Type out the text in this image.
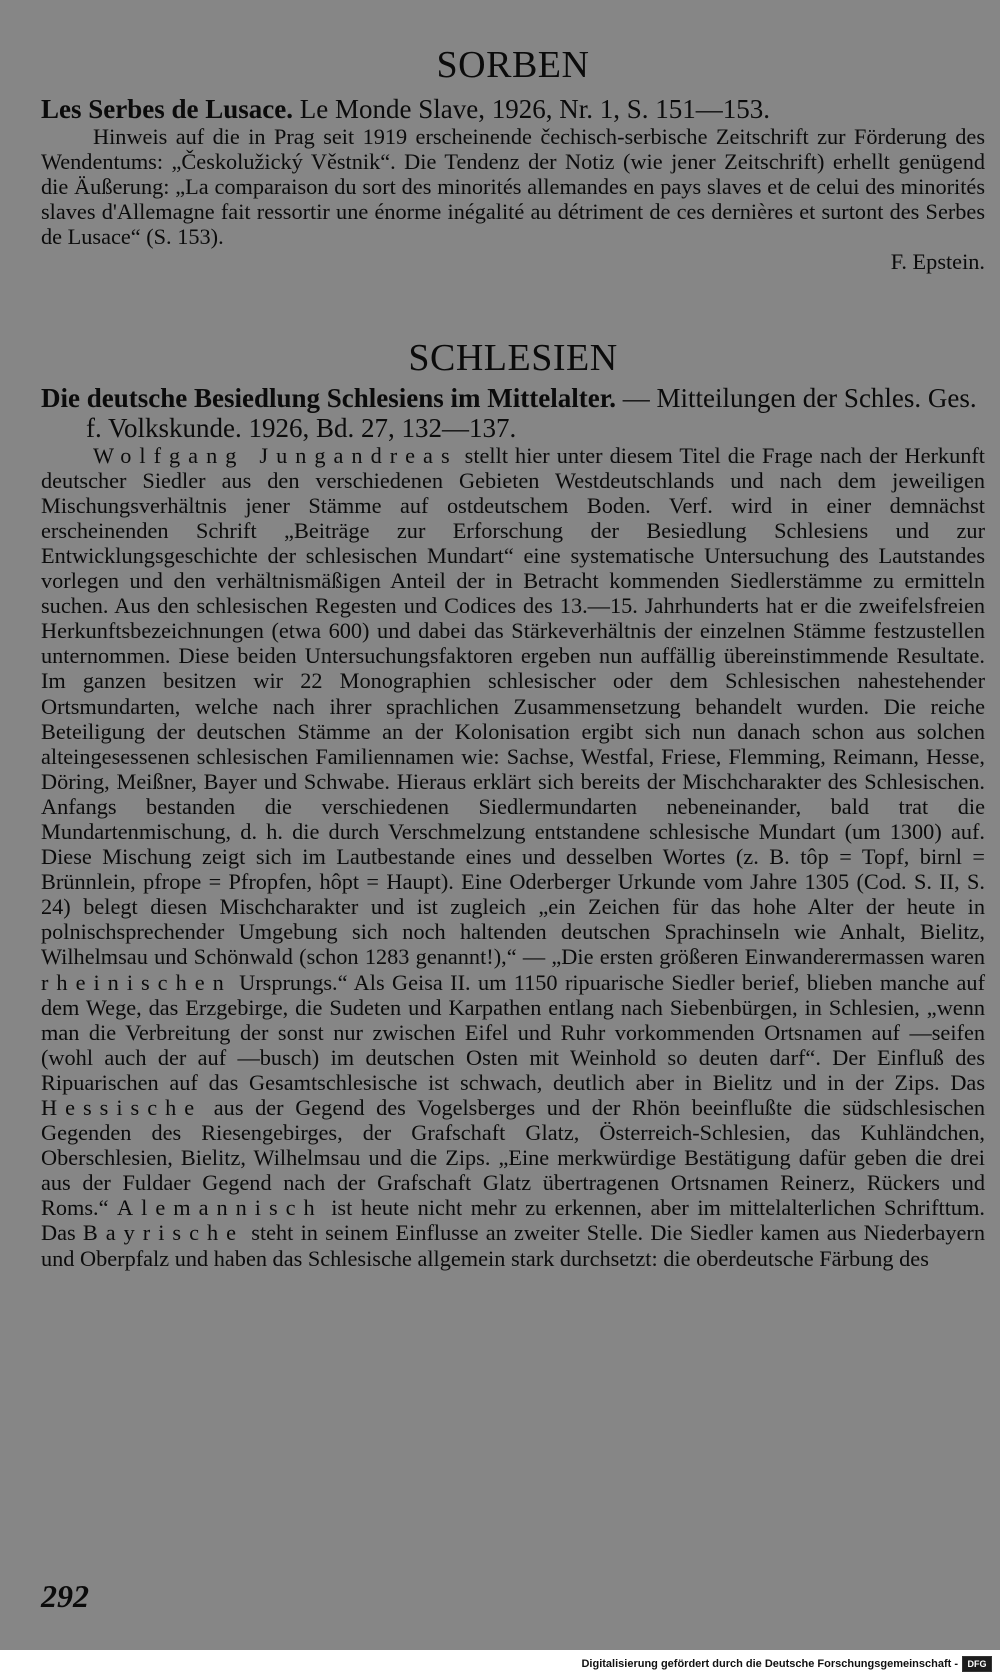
SORBEN

Les Serbes de Lusace. Le Monde Slave, 1926, Nr. 1, S. 151—153.

Hinweis auf die in Prag seit 1919 erscheinende čechisch-serbische Zeitschrift zur Förderung des Wendentums: „Českolužický Věstnik“. Die Tendenz der Notiz (wie jener Zeitschrift) erhellt genügend die Äußerung: „La comparaison du sort des minorités allemandes en pays slaves et de celui des minorités slaves d'Allemagne fait ressortir une énorme inégalité au détriment de ces dernières et surtont des Serbes de Lusace“ (S. 153).
F. Epstein.

SCHLESIEN

Die deutsche Besiedlung Schlesiens im Mittelalter. — Mitteilungen der Schles. Ges. f. Volkskunde. 1926, Bd. 27, 132—137.

Wolfgang Jungandreas stellt hier unter diesem Titel die Frage nach der Herkunft deutscher Siedler aus den verschiedenen Gebieten Westdeutschlands und nach dem jeweiligen Mischungsverhältnis jener Stämme auf ostdeutschem Boden. Verf. wird in einer demnächst erscheinenden Schrift „Beiträge zur Erforschung der Besiedlung Schlesiens und zur Entwicklungsgeschichte der schlesischen Mundart“ eine systematische Untersuchung des Lautstandes vorlegen und den verhältnismäßigen Anteil der in Betracht kommenden Siedlerstämme zu ermitteln suchen. Aus den schlesischen Regesten und Codices des 13.—15. Jahrhunderts hat er die zweifelsfreien Herkunftsbezeichnungen (etwa 600) und dabei das Stärkeverhältnis der einzelnen Stämme festzustellen unternommen. Diese beiden Untersuchungsfaktoren ergeben nun auffällig übereinstimmende Resultate. Im ganzen besitzen wir 22 Monographien schlesischer oder dem Schlesischen nahestehender Ortsmundarten, welche nach ihrer sprachlichen Zusammensetzung behandelt wurden. Die reiche Beteiligung der deutschen Stämme an der Kolonisation ergibt sich nun danach schon aus solchen alteingesessenen schlesischen Familiennamen wie: Sachse, Westfal, Friese, Flemming, Reimann, Hesse, Döring, Meißner, Bayer und Schwabe. Hieraus erklärt sich bereits der Mischcharakter des Schlesischen. Anfangs bestanden die verschiedenen Siedlermundarten nebeneinander, bald trat die Mundartenmischung, d. h. die durch Verschmelzung entstandene schlesische Mundart (um 1300) auf. Diese Mischung zeigt sich im Lautbestande eines und desselben Wortes (z. B. tôp = Topf, birnl = Brünnlein, pfrope = Pfropfen, hôpt = Haupt). Eine Oderberger Urkunde vom Jahre 1305 (Cod. S. II, S. 24) belegt diesen Mischcharakter und ist zugleich „ein Zeichen für das hohe Alter der heute in polnischsprechender Umgebung sich noch haltenden deutschen Sprachinseln wie Anhalt, Bielitz, Wilhelmsau und Schönwald (schon 1283 genannt!),“ — „Die ersten größeren Einwanderermassen waren rheinischen Ursprungs.“ Als Geisa II. um 1150 ripuarische Siedler berief, blieben manche auf dem Wege, das Erzgebirge, die Sudeten und Karpathen entlang nach Siebenbürgen, in Schlesien, „wenn man die Verbreitung der sonst nur zwischen Eifel und Ruhr vorkommenden Ortsnamen auf —seifen (wohl auch der auf —busch) im deutschen Osten mit Weinhold so deuten darf“. Der Einfluß des Ripuarischen auf das Gesamtschlesische ist schwach, deutlich aber in Bielitz und in der Zips. Das Hessische aus der Gegend des Vogelsberges und der Rhön beeinflußte die südschlesischen Gegenden des Riesengebirges, der Grafschaft Glatz, Österreich-Schlesien, das Kuhländchen, Oberschlesien, Bielitz, Wilhelmsau und die Zips. „Eine merkwürdige Bestätigung dafür geben die drei aus der Fuldaer Gegend nach der Grafschaft Glatz übertragenen Ortsnamen Reinerz, Rückers und Roms.“ Alemannisch ist heute nicht mehr zu erkennen, aber im mittelalterlichen Schrifttum. Das Bayrische steht in seinem Einflusse an zweiter Stelle. Die Siedler kamen aus Niederbayern und Oberpfalz und haben das Schlesische allgemein stark durchsetzt: die oberdeutsche Färbung des

292
Digitalisierung gefördert durch die Deutsche Forschungsgemeinschaft -	DFG
